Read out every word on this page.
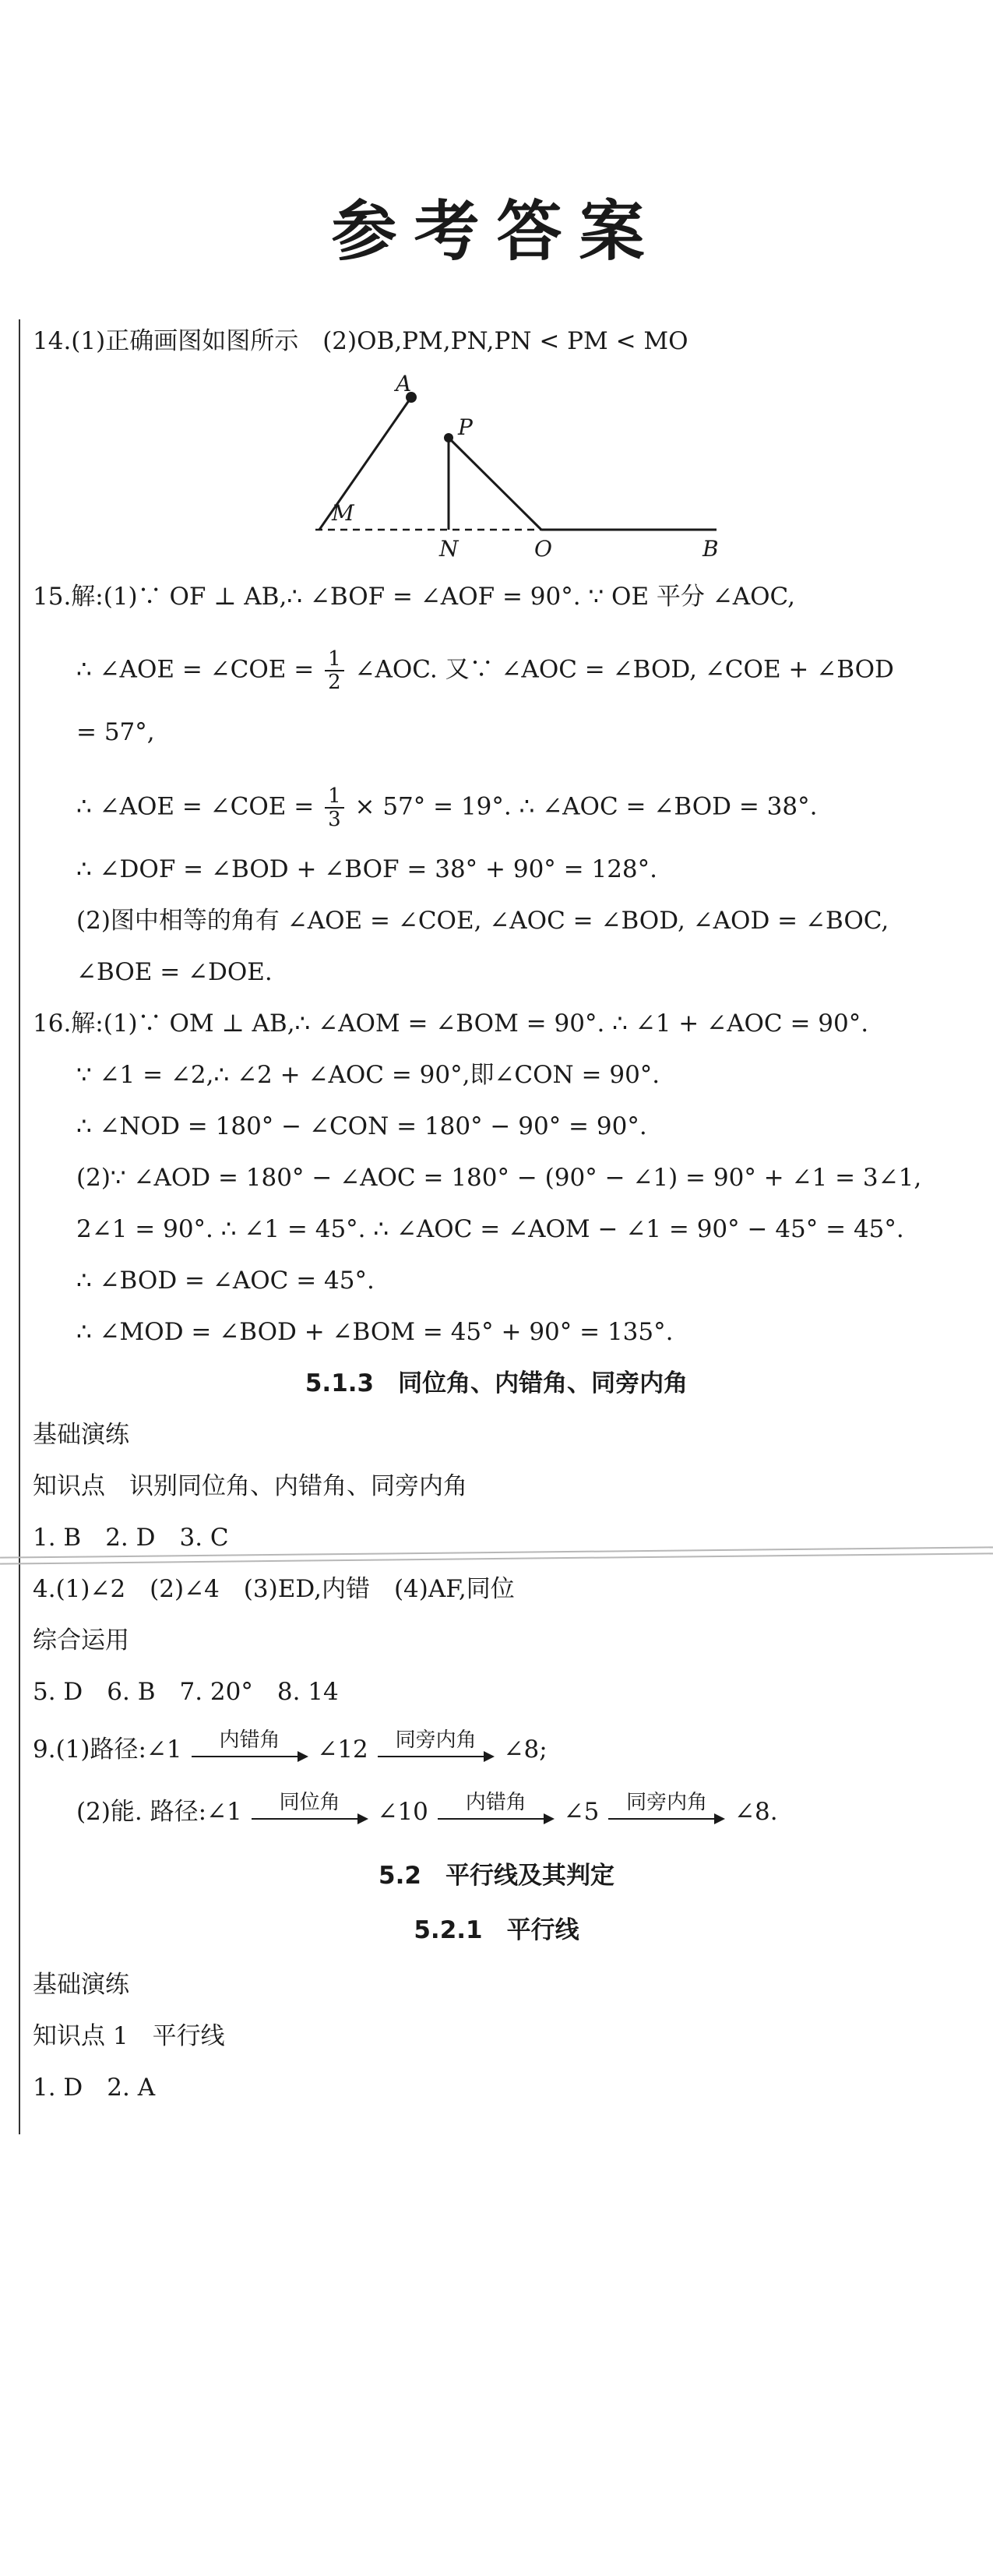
参考答案
14.(1)正确画图如图所示　(2)OB,PM,PN,PN < PM < MO
A
P
M
N	O	B
15.解:(1)∵ OF ⊥ AB,∴ ∠BOF = ∠AOF = 90°. ∵ OE 平分 ∠AOC,
∴ ∠AOE = ∠COE = $\frac{1}{2}$ ∠AOC. 又∵ ∠AOC = ∠BOD, ∠COE + ∠BOD
= 57°,
∴ ∠AOE = ∠COE = $\frac{1}{3} \times 57^\circ = 19^\circ$. ∴ ∠AOC = ∠BOD = 38°.
∴ ∠DOF = ∠BOD + ∠BOF = 38° + 90° = 128°.
(2)图中相等的角有 ∠AOE = ∠COE, ∠AOC = ∠BOD, ∠AOD = ∠BOC,
∠BOE = ∠DOE.
16.解:(1)∵ OM ⊥ AB,∴ ∠AOM = ∠BOM = 90°. ∴ ∠1 + ∠AOC = 90°.
∵ ∠1 = ∠2,∴ ∠2 + ∠AOC = 90°,即∠CON = 90°.
∴ ∠NOD = 180° − ∠CON = 180° − 90° = 90°.
(2)∵ ∠AOD = 180° − ∠AOC = 180° − (90° − ∠1) = 90° + ∠1 = 3∠1,
2∠1 = 90°. ∴ ∠1 = 45°. ∴ ∠AOC = ∠AOM − ∠1 = 90° − 45° = 45°.
∴ ∠BOD = ∠AOC = 45°.
∴ ∠MOD = ∠BOD + ∠BOM = 45° + 90° = 135°.
5.1.3　同位角、内错角、同旁内角
基础演练
知识点　识别同位角、内错角、同旁内角
1. B　2. D　3. C
4.(1)∠2　(2)∠4　(3)ED,内错　(4)AF,同位
综合运用
5. D　6. B　7. 20°　8. 14
9.(1)路径:∠1	内错角	∠12	同旁内角	∠8;
(2)能. 路径:∠1	同位角	∠10	内错角	∠5	同旁内角	∠8.
5.2　平行线及其判定
5.2.1　平行线
基础演练
知识点 1　平行线
1. D　2. A
